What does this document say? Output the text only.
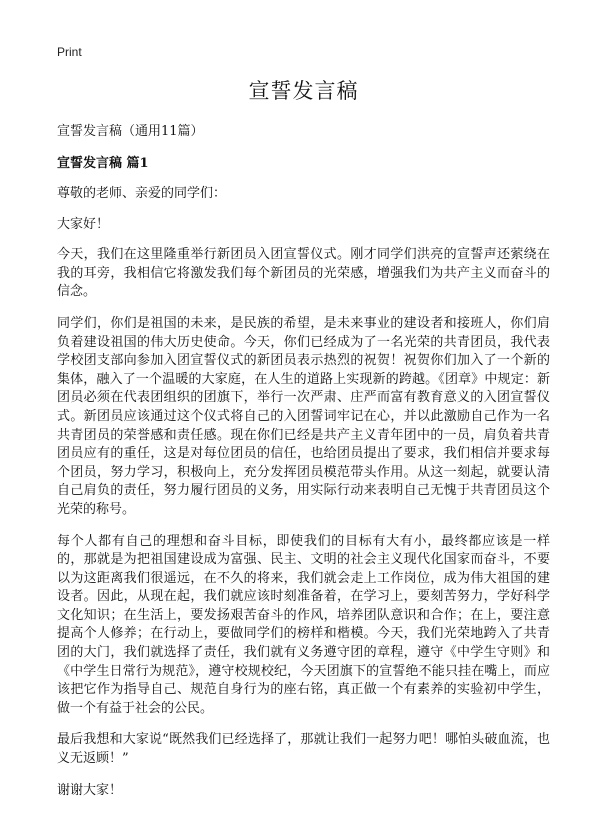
Print
宣誓发言稿
宣誓发言稿（通用11篇）
宣誓发言稿 篇1

尊敬的老师、亲爱的同学们：

大家好！

今天，我们在这里隆重举行新团员入团宣誓仪式。刚才同学们洪亮的宣誓声还萦绕在我的耳旁，我相信它将激发我们每个新团员的光荣感，增强我们为共产主义而奋斗的信念。

同学们，你们是祖国的未来，是民族的希望，是未来事业的建设者和接班人，你们肩负着建设祖国的伟大历史使命。今天，你们已经成为了一名光荣的共青团员，我代表学校团支部向参加入团宣誓仪式的新团员表示热烈的祝贺！祝贺你们加入了一个新的集体，融入了一个温暖的大家庭，在人生的道路上实现新的跨越。《团章》中规定：新团员必须在代表团组织的团旗下，举行一次严肃、庄严而富有教育意义的入团宣誓仪式。新团员应该通过这个仪式将自己的入团誓词牢记在心，并以此激励自己作为一名共青团员的荣誉感和责任感。现在你们已经是共产主义青年团中的一员，肩负着共青团员应有的重任，这是对每位团员的信任，也给团员提出了要求，我们相信并要求每个团员，努力学习，积极向上，充分发挥团员模范带头作用。从这一刻起，就要认清自己肩负的责任，努力履行团员的义务，用实际行动来表明自己无愧于共青团员这个光荣的称号。

每个人都有自己的理想和奋斗目标，即使我们的目标有大有小，最终都应该是一样的，那就是为把祖国建设成为富强、民主、文明的社会主义现代化国家而奋斗，不要以为这距离我们很遥远，在不久的将来，我们就会走上工作岗位，成为伟大祖国的建设者。因此，从现在起，我们就应该时刻准备着，在学习上，要刻苦努力，学好科学文化知识；在生活上，要发扬艰苦奋斗的作风，培养团队意识和合作；在上，要注意提高个人修养；在行动上，要做同学们的榜样和楷模。今天，我们光荣地跨入了共青团的大门，我们就选择了责任，我们就有义务遵守团的章程，遵守《中学生守则》和《中学生日常行为规范》，遵守校规校纪，今天团旗下的宣誓绝不能只挂在嘴上，而应该把它作为指导自己、规范自身行为的座右铭，真正做一个有素养的实验初中学生，做一个有益于社会的公民。

最后我想和大家说“既然我们已经选择了，那就让我们一起努力吧！哪怕头破血流，也义无返顾！”

谢谢大家！
